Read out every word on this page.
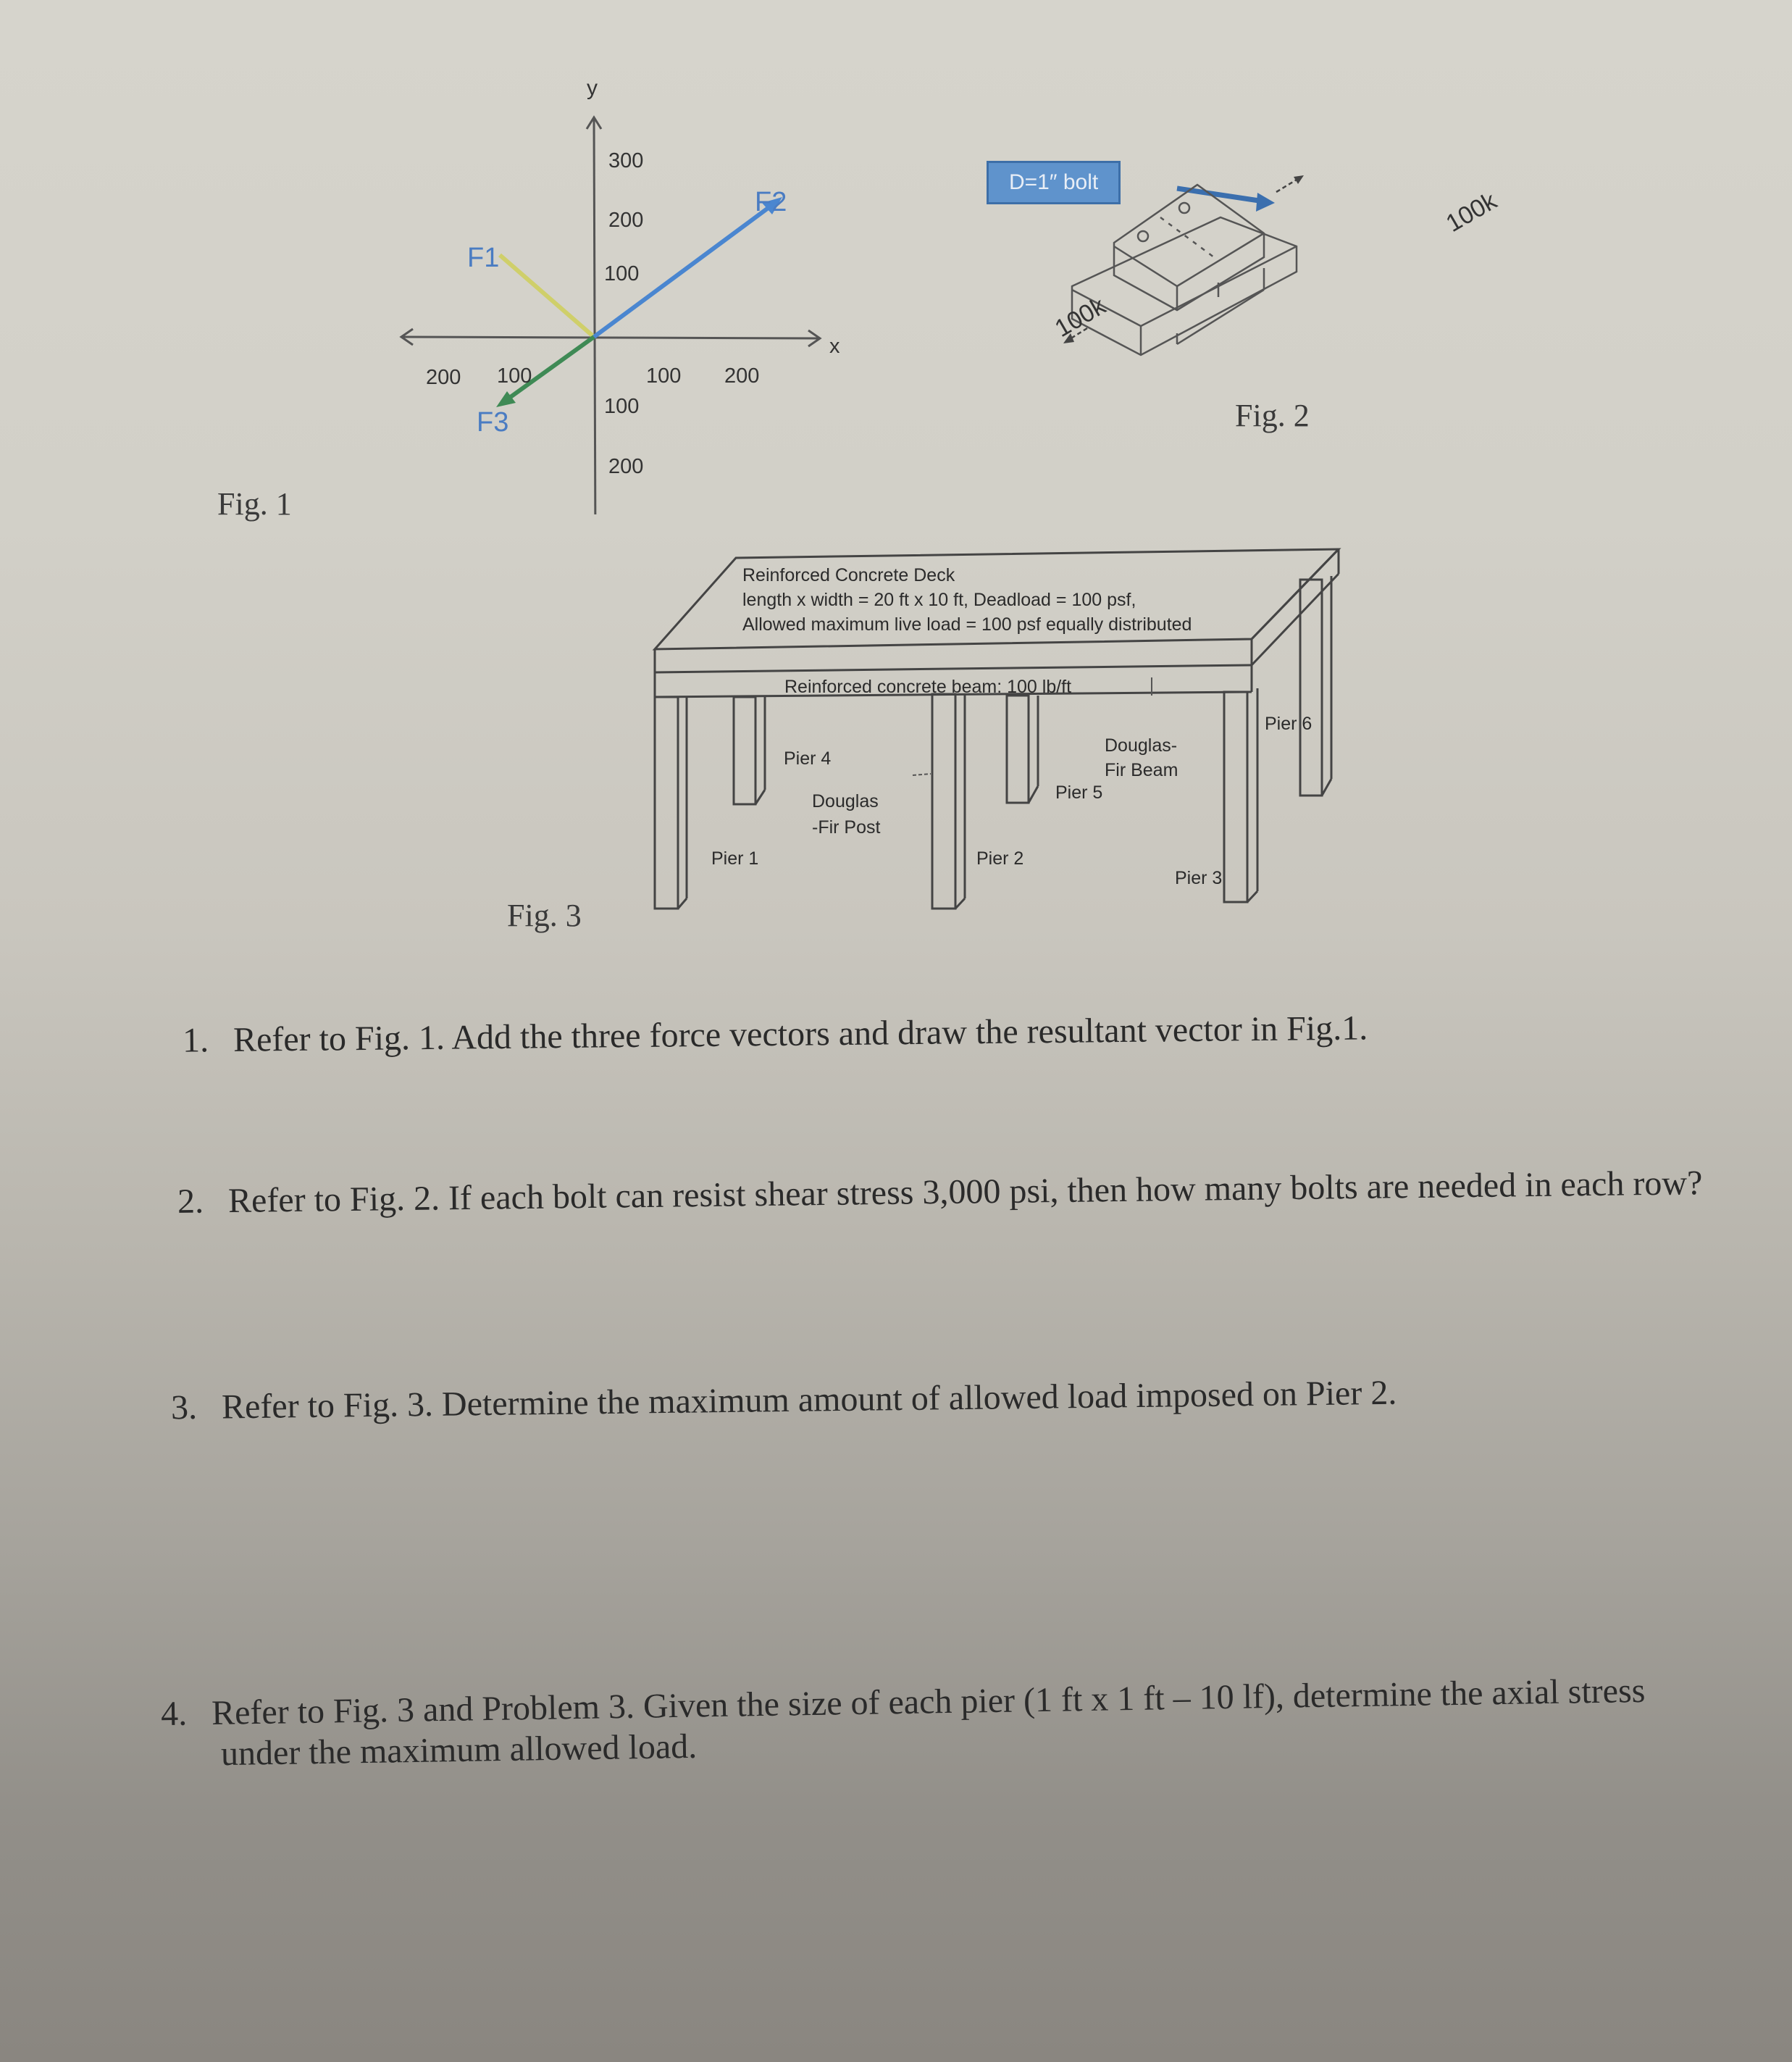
y
x
300
200
100
100
200
200 100	100 200
F1
F2
F3
Fig. 1
D=1″ bolt
100k
100k
Fig. 2
Reinforced Concrete Deck
length x width = 20 ft x 10 ft, Deadload = 100 psf,
Allowed maximum live load = 100 psf equally distributed
Reinforced concrete beam: 100 lb/ft
Pier 4
Douglas
-Fir Post
Douglas-
Fir Beam
Pier 5
Pier 6
Pier 1	Pier 2
Pier 3
Fig. 3
1. Refer to Fig. 1. Add the three force vectors and draw the resultant vector in Fig.1.
2. Refer to Fig. 2. If each bolt can resist shear stress 3,000 psi, then how many bolts are needed in each row?
3. Refer to Fig. 3. Determine the maximum amount of allowed load imposed on Pier 2.
4. Refer to Fig. 3 and Problem 3. Given the size of each pier (1 ft x 1 ft – 10 lf), determine the axial stress
under the maximum allowed load.
